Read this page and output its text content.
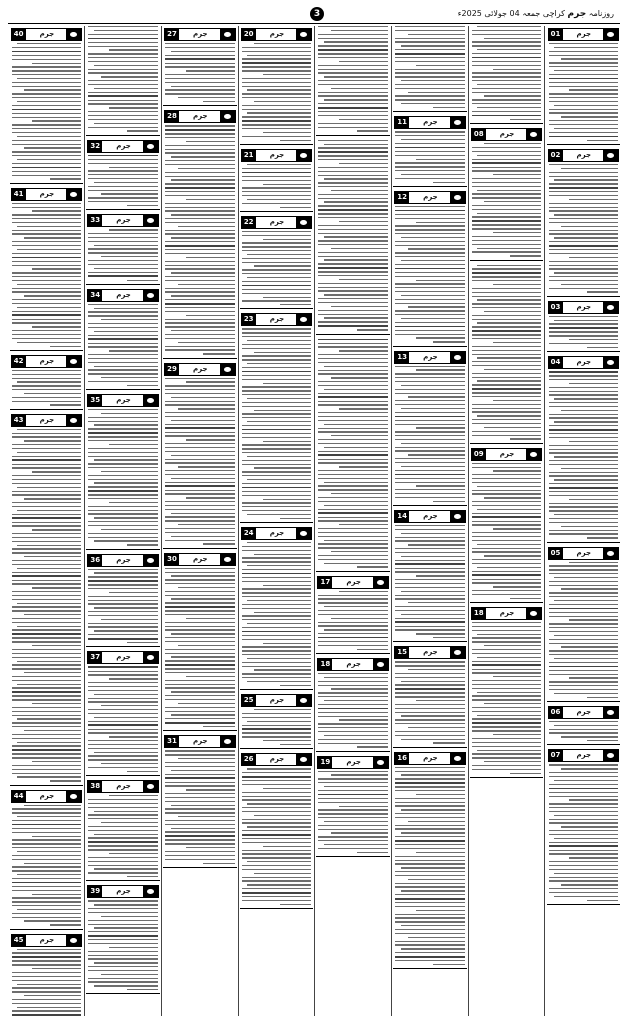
روزنامہ جرم کراچی جمعہ 04 جولائی 2025ء
3
01	جرم
02	جرم
03	جرم
04	جرم
05	جرم
06	جرم
07	جرم
08	جرم
09	جرم
18	جرم
11	جرم
12	جرم
13	جرم
14	جرم
15	جرم
16	جرم
17	جرم
18	جرم
19	جرم
20	جرم
21	جرم
22	جرم
23	جرم
24	جرم
25	جرم
26	جرم
27	جرم
28	جرم
29	جرم
30	جرم
31	جرم
32	جرم
33	جرم
34	جرم
35	جرم
36	جرم
37	جرم
38	جرم
39	جرم
40	جرم
41	جرم
42	جرم
43	جرم
44	جرم
45	جرم
